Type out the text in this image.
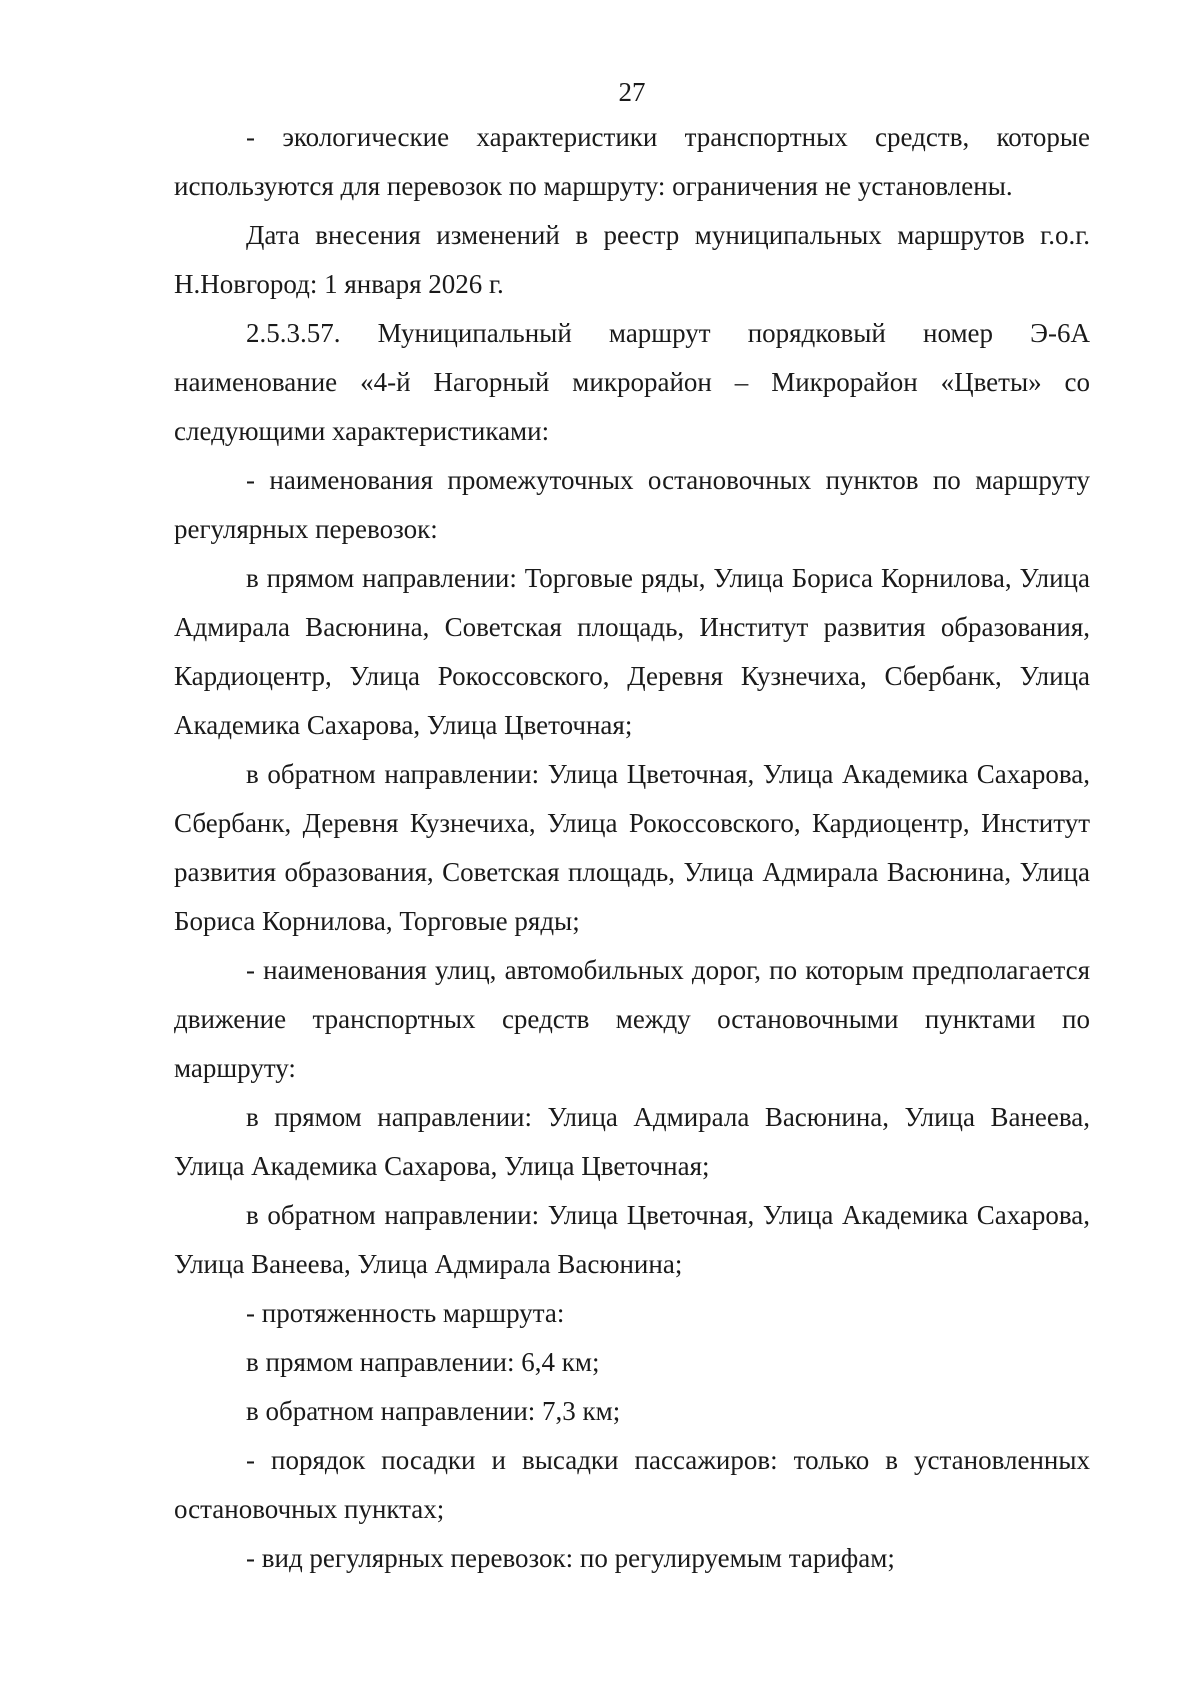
27

- экологические характеристики транспортных средств, которые используются для перевозок по маршруту: ограничения не установлены.

Дата внесения изменений в реестр муниципальных маршрутов г.о.г. Н.Новгород: 1 января 2026 г.

2.5.3.57. Муниципальный маршрут порядковый номер Э-6А наименование «4-й Нагорный микрорайон – Микрорайон «Цветы» со следующими характеристиками:

- наименования промежуточных остановочных пунктов по маршруту регулярных перевозок:

в прямом направлении: Торговые ряды, Улица Бориса Корнилова, Улица Адмирала Васюнина, Советская площадь, Институт развития образования, Кардиоцентр, Улица Рокоссовского, Деревня Кузнечиха, Сбербанк, Улица Академика Сахарова, Улица Цветочная;

в обратном направлении: Улица Цветочная, Улица Академика Сахарова, Сбербанк, Деревня Кузнечиха, Улица Рокоссовского, Кардиоцентр, Институт развития образования, Советская площадь, Улица Адмирала Васюнина, Улица Бориса Корнилова, Торговые ряды;

- наименования улиц, автомобильных дорог, по которым предполагается движение транспортных средств между остановочными пунктами по маршруту:

в прямом направлении: Улица Адмирала Васюнина, Улица Ванеева, Улица Академика Сахарова, Улица Цветочная;

в обратном направлении: Улица Цветочная, Улица Академика Сахарова, Улица Ванеева, Улица Адмирала Васюнина;

- протяженность маршрута:

в прямом направлении: 6,4 км;

в обратном направлении: 7,3 км;

- порядок посадки и высадки пассажиров: только в установленных остановочных пунктах;

- вид регулярных перевозок: по регулируемым тарифам;
